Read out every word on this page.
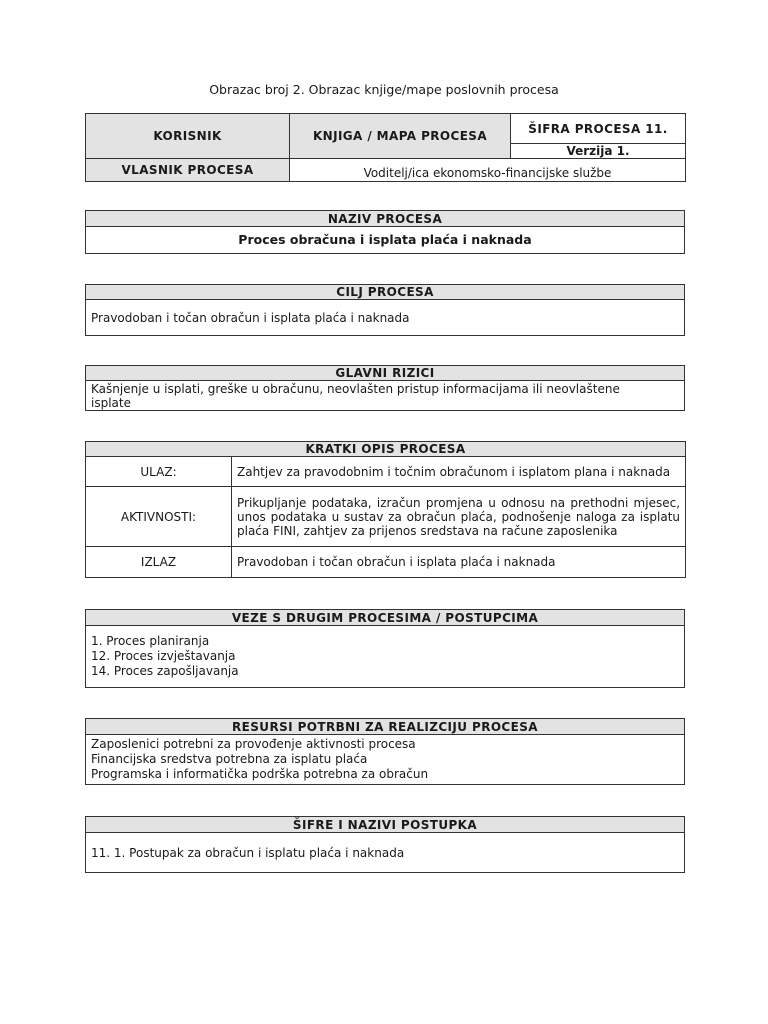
Obrazac broj 2. Obrazac knjige/mape poslovnih procesa
KORISNIK	KNJIGA / MAPA PROCESA	ŠIFRA PROCESA 11.
		Verzija 1.
VLASNIK PROCESA	Voditelj/ica ekonomsko-financijske službe	
NAZIV PROCESA
Proces obračuna i isplata plaća i naknada
CILJ PROCESA
Pravodoban i točan obračun i isplata plaća i naknada
GLAVNI RIZICI
Kašnjenje u isplati, greške u obračunu, neovlašten pristup informacijama ili neovlaštene isplate
KRATKI OPIS PROCESA	
ULAZ:	Zahtjev za pravodobnim i točnim obračunom i isplatom plana i naknada
AKTIVNOSTI:	Prikupljanje podataka, izračun promjena u odnosu na prethodni mjesec, unos podataka u sustav za obračun plaća, podnošenje naloga za isplatu plaća FINI, zahtjev za prijenos sredstava na račune zaposlenika
IZLAZ	Pravodoban i točan obračun i isplata plaća i naknada
VEZE S DRUGIM PROCESIMA / POSTUPCIMA

1. Proces planiranja
12. Proces izvještavanja
14. Proces zapošljavanja
RESURSI POTRBNI ZA REALIZCIJU PROCESA

Zaposlenici potrebni za provođenje aktivnosti procesa
Financijska sredstva potrebna za isplatu plaća
Programska i informatička podrška potrebna za obračun
ŠIFRE I NAZIVI POSTUPKA
11. 1. Postupak za obračun i isplatu plaća i naknada
